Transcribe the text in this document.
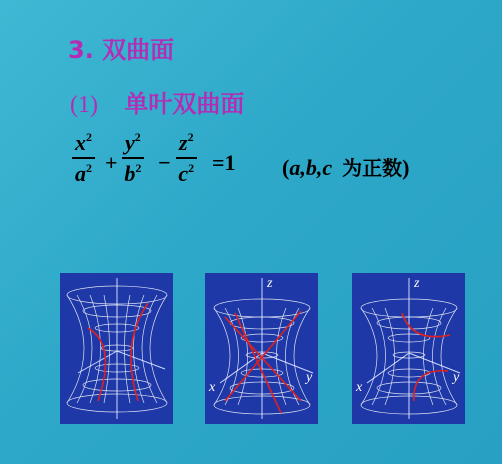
3. 双曲面
(1) 单叶双曲面
$\frac{x^2}{a^2} + \frac{y^2}{b^2} - \frac{z^2}{c^2} =1$ (a,b,c 为正数)
z
x
y
z
x
y
